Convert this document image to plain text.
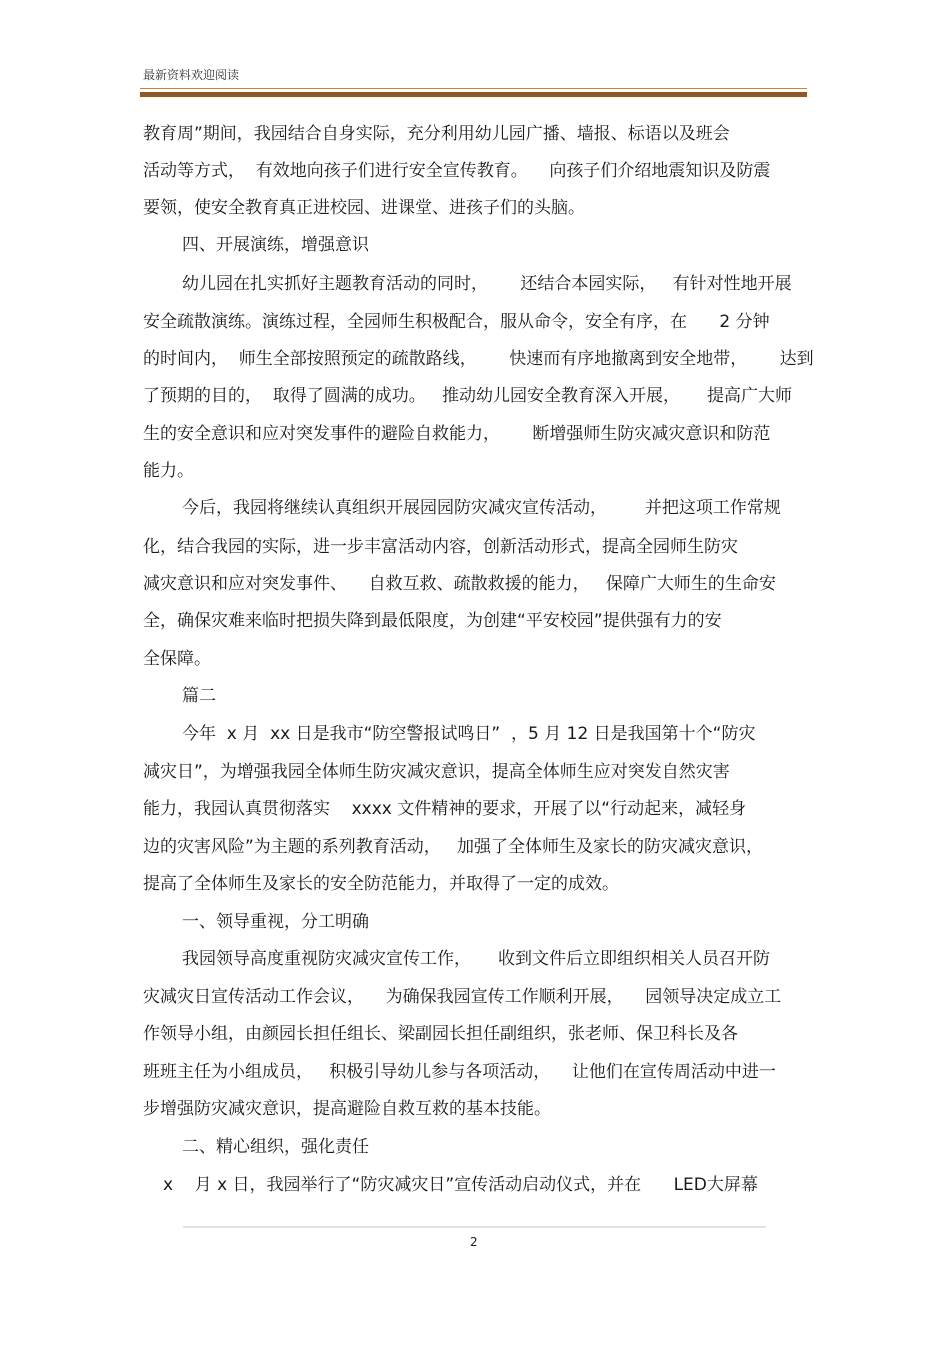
最新资料欢迎阅读
教育周”期间，我园结合自身实际，充分利用幼儿园广播、墙报、标语以及班会
活动等方式，  有效地向孩子们进行安全宣传教育。    向孩子们介绍地震知识及防震
要领，使安全教育真正进校园、进课堂、进孩子们的头脑。
四、开展演练，增强意识
幼儿园在扎实抓好主题教育活动的同时，      还结合本园实际，   有针对性地开展
安全疏散演练。演练过程，全园师生积极配合，服从命令，安全有序，在      2 分钟
的时间内，  师生全部按照预定的疏散路线，      快速而有序地撤离到安全地带，      达到
了预期的目的，  取得了圆满的成功。   推动幼儿园安全教育深入开展，     提高广大师
生的安全意识和应对突发事件的避险自救能力，      断增强师生防灾减灾意识和防范
能力。
今后，我园将继续认真组织开展园园防灾减灾宣传活动，       并把这项工作常规
化，结合我园的实际，进一步丰富活动内容，创新活动形式，提高全园师生防灾
减灾意识和应对突发事件、    自救互救、疏散救援的能力，   保障广大师生的生命安
全，确保灾难来临时把损失降到最低限度，为创建“平安校园”提供强有力的安
全保障。
篇二
今年  x 月  xx 日是我市“防空警报试鸣日”  ，5 月 12 日是我国第十个“防灾
减灾日”，为增强我园全体师生防灾减灾意识，提高全体师生应对突发自然灾害
能力，我园认真贯彻落实    xxxx 文件精神的要求，开展了以“行动起来，减轻身
边的灾害风险”为主题的系列教育活动，   加强了全体师生及家长的防灾减灾意识，
提高了全体师生及家长的安全防范能力，并取得了一定的成效。
一、领导重视，分工明确
我园领导高度重视防灾减灾宣传工作，     收到文件后立即组织相关人员召开防
灾减灾日宣传活动工作会议，    为确保我园宣传工作顺利开展，    园领导决定成立工
作领导小组，由颜园长担任组长、梁副园长担任副组织，张老师、保卫科长及各
班班主任为小组成员，   积极引导幼儿参与各项活动，    让他们在宣传周活动中进一
步增强防灾减灾意识，提高避险自救互救的基本技能。
二、精心组织，强化责任
x    月 x 日，我园举行了“防灾减灾日”宣传活动启动仪式，并在      LED大屏幕
2
